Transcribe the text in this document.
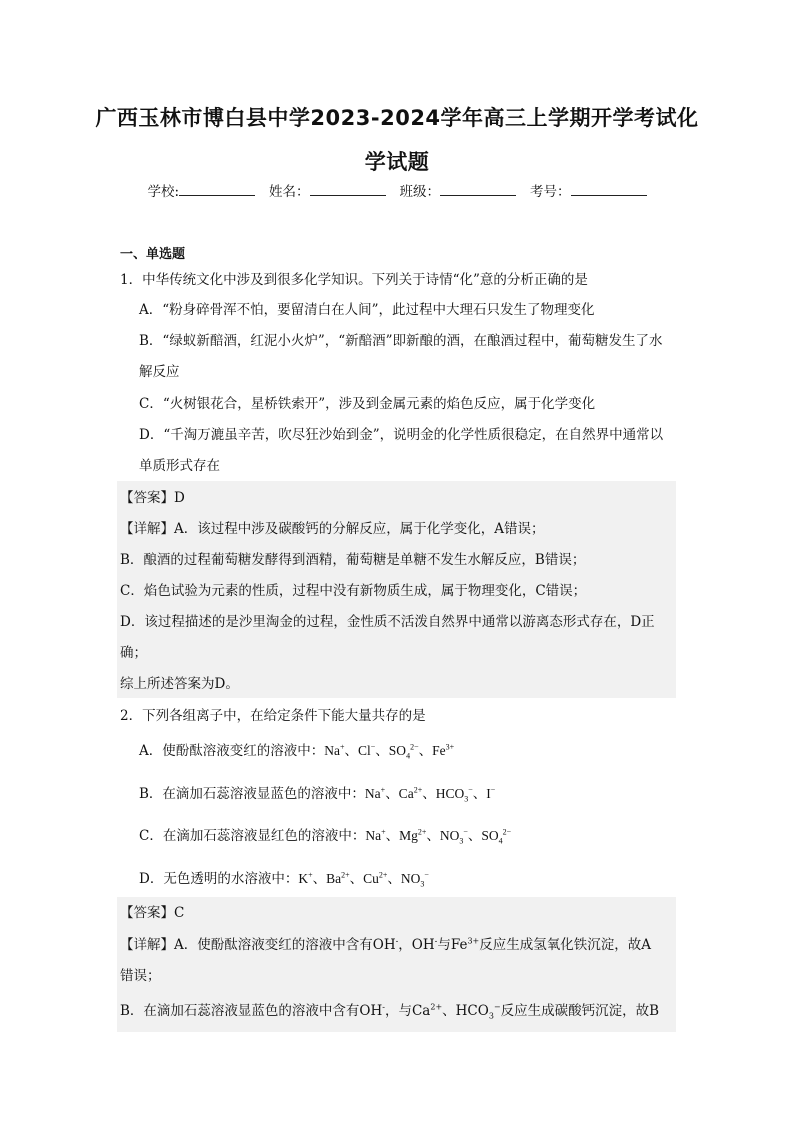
广西玉林市博白县中学2023-2024学年高三上学期开学考试化
学试题
学校:	姓名：	班级：	考号：
一、单选题
1．中华传统文化中涉及到很多化学知识。下列关于诗情“化”意的分析正确的是
A．“粉身碎骨浑不怕，要留清白在人间”，此过程中大理石只发生了物理变化
B．“绿蚁新醅酒，红泥小火炉”，“新醅酒”即新酿的酒，在酿酒过程中，葡萄糖发生了水
解反应
C．“火树银花合，星桥铁索开”，涉及到金属元素的焰色反应，属于化学变化
D．“千淘万漉虽辛苦，吹尽狂沙始到金”，说明金的化学性质很稳定，在自然界中通常以
单质形式存在
【答案】D
【详解】A．该过程中涉及碳酸钙的分解反应，属于化学变化，A错误；
B．酿酒的过程葡萄糖发酵得到酒精，葡萄糖是单糖不发生水解反应，B错误；
C．焰色试验为元素的性质，过程中没有新物质生成，属于物理变化，C错误；
D．该过程描述的是沙里淘金的过程，金性质不活泼自然界中通常以游离态形式存在，D正
确；
综上所述答案为D。
2．下列各组离子中，在给定条件下能大量共存的是
A．使酚酞溶液变红的溶液中：Na+、Cl−、$SO_4^{2-}$、$Fe^{3+}$
B．在滴加石蕊溶液显蓝色的溶液中：Na+、$Ca^{2+}$、$HCO_3^-$、I−
C．在滴加石蕊溶液显红色的溶液中：Na+、$Mg^{2+}$、$NO_3^-$、$SO_4^{2-}$
D．无色透明的水溶液中：K+、$Ba^{2+}$、$Cu^{2+}$、$NO_3^-$
【答案】C
【详解】A．使酚酞溶液变红的溶液中含有OH-，OH-与$Fe^{3+}$反应生成氢氧化铁沉淀，故A
错误；
B．在滴加石蕊溶液显蓝色的溶液中含有OH-，与$Ca^{2+}$、$HCO_3^-$反应生成碳酸钙沉淀，故B
